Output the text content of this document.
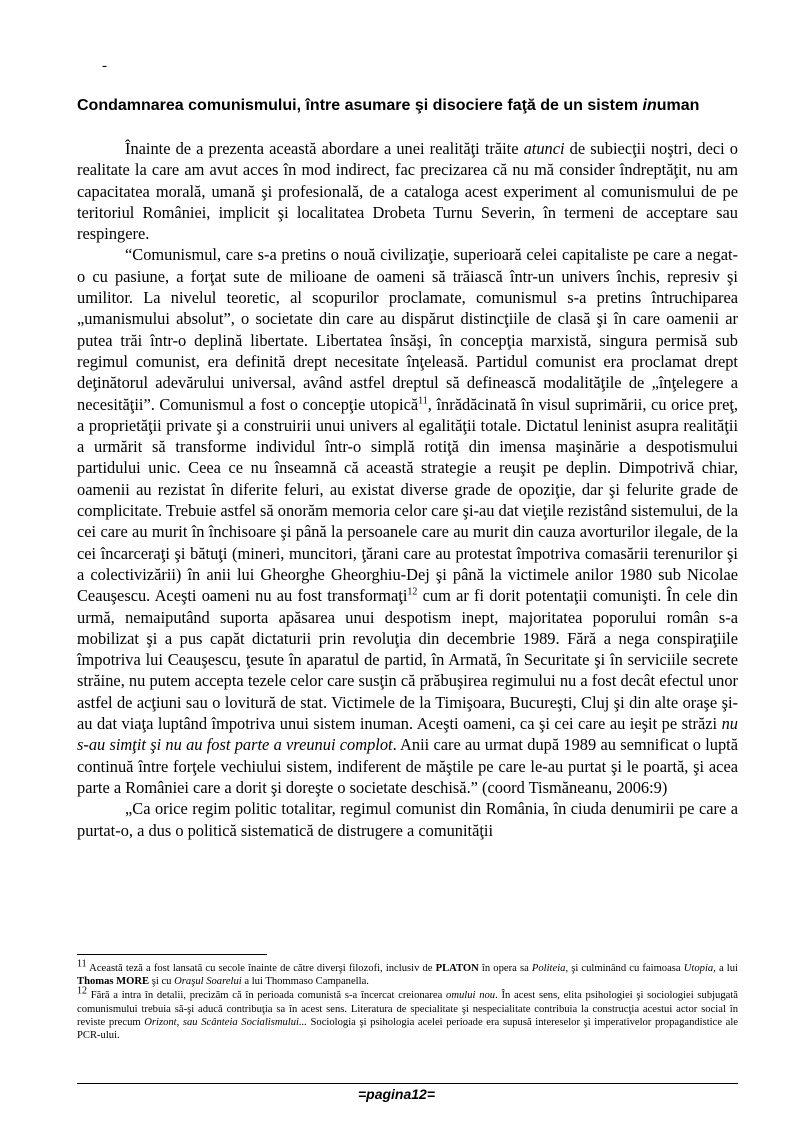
-
Condamnarea comunismului, între asumare şi disociere faţă de un sistem inuman

Înainte de a prezenta această abordare a unei realităţi trăite atunci de subiecţii noştri, deci o realitate la care am avut acces în mod indirect, fac precizarea că nu mă consider îndreptăţit, nu am capacitatea morală, umană şi profesională, de a cataloga acest experiment al comunismului de pe teritoriul României, implicit şi localitatea Drobeta Turnu Severin, în termeni de acceptare sau respingere.

“Comunismul, care s-a pretins o nouă civilizaţie, superioară celei capitaliste pe care a negat-o cu pasiune, a forţat sute de milioane de oameni să trăiască într-un univers închis, represiv şi umilitor. La nivelul teoretic, al scopurilor proclamate, comunismul s-a pretins întruchiparea „umanismului absolut”, o societate din care au dispărut distincţiile de clasă şi în care oamenii ar putea trăi într-o deplină libertate. Libertatea însăşi, în concepţia marxistă, singura permisă sub regimul comunist, era definită drept necesitate înţeleasă. Partidul comunist era proclamat drept deţinătorul adevărului universal, având astfel dreptul să definească modalităţile de „înţelegere a necesităţii”. Comunismul a fost o concepţie utopică$^{11}$, înrădăcinată în visul suprimării, cu orice preţ, a proprietăţii private şi a construirii unui univers al egalităţii totale. Dictatul leninist asupra realităţii a urmărit să transforme individul într-o simplă rotiţă din imensa maşinărie a despotismului partidului unic. Ceea ce nu înseamnă că această strategie a reuşit pe deplin. Dimpotrivă chiar, oamenii au rezistat în diferite feluri, au existat diverse grade de opoziţie, dar şi felurite grade de complicitate. Trebuie astfel să onorăm memoria celor care şi-au dat vieţile rezistând sistemului, de la cei care au murit în închisoare şi până la persoanele care au murit din cauza avorturilor ilegale, de la cei încarceraţi şi bătuţi (mineri, muncitori, ţărani care au protestat împotriva comasării terenurilor şi a colectivizării) în anii lui Gheorghe Gheorghiu-Dej şi până la victimele anilor 1980 sub Nicolae Ceauşescu. Aceşti oameni nu au fost transformaţi$^{12}$ cum ar fi dorit potentaţii comunişti. În cele din urmă, nemaiputând suporta apăsarea unui despotism inept, majoritatea poporului român s-a mobilizat şi a pus capăt dictaturii prin revoluţia din decembrie 1989. Fără a nega conspiraţiile împotriva lui Ceauşescu, ţesute în aparatul de partid, în Armată, în Securitate şi în serviciile secrete străine, nu putem accepta tezele celor care susţin că prăbuşirea regimului nu a fost decât efectul unor astfel de acţiuni sau o lovitură de stat. Victimele de la Timişoara, Bucureşti, Cluj şi din alte oraşe şi-au dat viaţa luptând împotriva unui sistem inuman. Aceşti oameni, ca şi cei care au ieşit pe străzi nu s-au simţit şi nu au fost parte a vreunui complot. Anii care au urmat după 1989 au semnificat o luptă continuă între forţele vechiului sistem, indiferent de măştile pe care le-au purtat şi le poartă, şi acea parte a României care a dorit şi doreşte o societate deschisă.” (coord Tismăneanu, 2006:9)

„Ca orice regim politic totalitar, regimul comunist din România, în ciuda denumirii pe care a purtat-o, a dus o politică sistematică de distrugere a comunităţii

$^{11}$ Această teză a fost lansată cu secole înainte de către diverşi filozofi, inclusiv de PLATON în opera sa Politeia, şi culminând cu faimoasa Utopia, a lui Thomas MORE şi cu Oraşul Soarelui a lui Thommaso Campanella.

$^{12}$ Fără a intra în detalii, precizăm că în perioada comunistă s-a încercat creionarea omului nou. În acest sens, elita psihologiei şi sociologiei subjugată comunismului trebuia să-şi aducă contribuţia sa în acest sens. Literatura de specialitate şi nespecialitate contribuia la construcţia acestui actor social în reviste precum Orizont, sau Scânteia Socialismului... Sociologia şi psihologia acelei perioade era supusă intereselor şi imperativelor propagandistice ale PCR-ului.

=pagina12=
